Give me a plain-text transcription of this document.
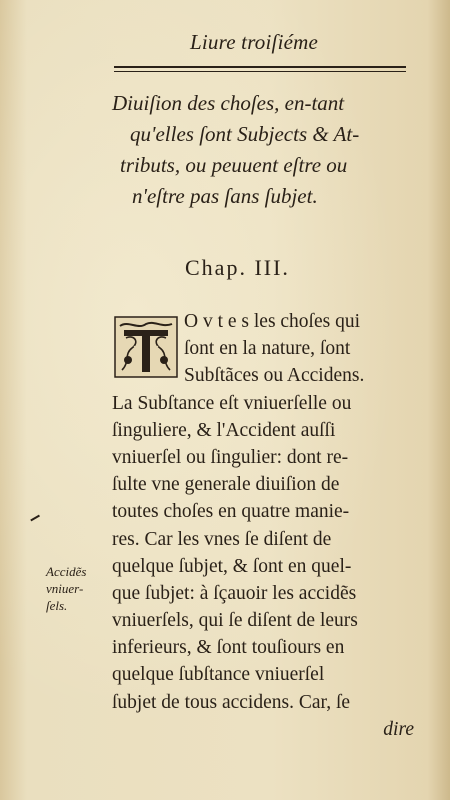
Liure troiſiéme
Diuiſion des choſes, en-tant
qu'elles ſont Subjects & At-
tributs, ou peuuent eſtre ou
n'eſtre pas ſans ſubjet.
Chap. III.
O v t e s les choſes qui
ſont en la nature, ſont
Subſtãces ou Accidens.
La Subſtance eſt vniuerſelle ou
ſinguliere, & l'Accident auſſi
vniuerſel ou ſingulier: dont re-
ſulte vne generale diuiſion de
toutes choſes en quatre manie-
res. Car les vnes ſe diſent de
quelque ſubjet, & ſont en quel-
que ſubjet: à ſçauoir les accidẽs
vniuerſels, qui ſe diſent de leurs
inferieurs, & ſont touſiours en
quelque ſubſtance vniuerſel
ſubjet de tous accidens. Car, ſe
dire
Accidẽs
vniuer-
ſels.
